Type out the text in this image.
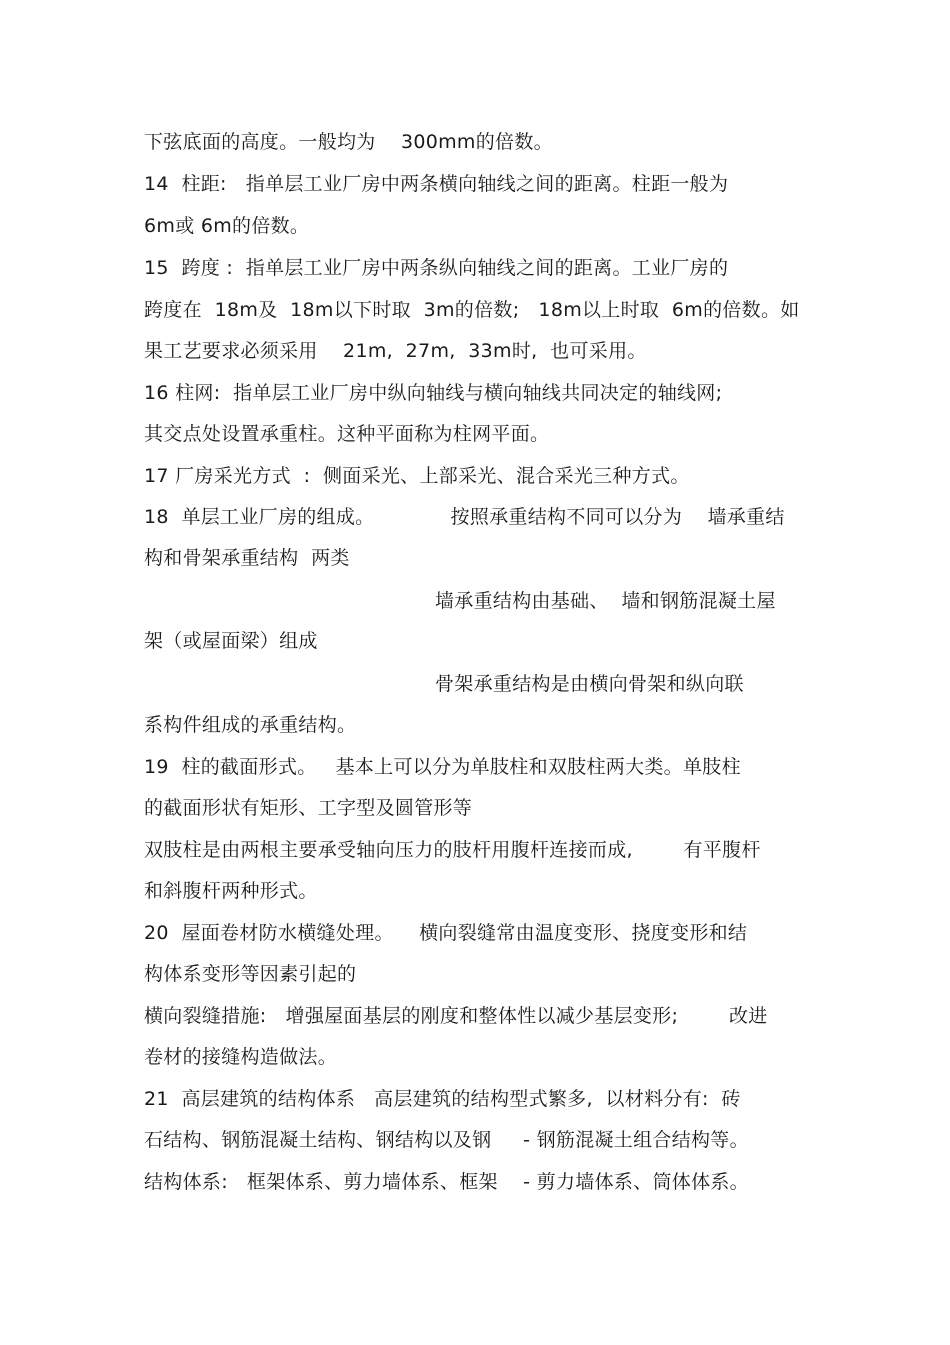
下弦底面的高度。一般均为    300mm的倍数。
14  柱距:   指单层工业厂房中两条横向轴线之间的距离。柱距一般为
6m或 6m的倍数。
15  跨度 :  指单层工业厂房中两条纵向轴线之间的距离。工业厂房的
跨度在  18m及  18m以下时取  3m的倍数;   18m以上时取  6m的倍数。如
果工艺要求必须采用    21m,  27m,  33m时,  也可采用。
16 柱网:  指单层工业厂房中纵向轴线与横向轴线共同决定的轴线网;
其交点处设置承重柱。这种平面称为柱网平面。
17 厂房采光方式  :  侧面采光、上部采光、混合采光三种方式。
18  单层工业厂房的组成。            按照承重结构不同可以分为    墙承重结
构和骨架承重结构  两类
墙承重结构由基础、  墙和钢筋混凝土屋
架（或屋面梁）组成
骨架承重结构是由横向骨架和纵向联
系构件组成的承重结构。
19  柱的截面形式。   基本上可以分为单肢柱和双肢柱两大类。单肢柱
的截面形状有矩形、工字型及圆管形等
双肢柱是由两根主要承受轴向压力的肢杆用腹杆连接而成,        有平腹杆
和斜腹杆两种形式。
20  屋面卷材防水横缝处理。    横向裂缝常由温度变形、挠度变形和结
构体系变形等因素引起的
横向裂缝措施:   增强屋面基层的刚度和整体性以减少基层变形;        改进
卷材的接缝构造做法。
21  高层建筑的结构体系   高层建筑的结构型式繁多,  以材料分有:  砖
石结构、钢筋混凝土结构、钢结构以及钢     - 钢筋混凝土组合结构等。
结构体系:   框架体系、剪力墙体系、框架    - 剪力墙体系、筒体体系。
